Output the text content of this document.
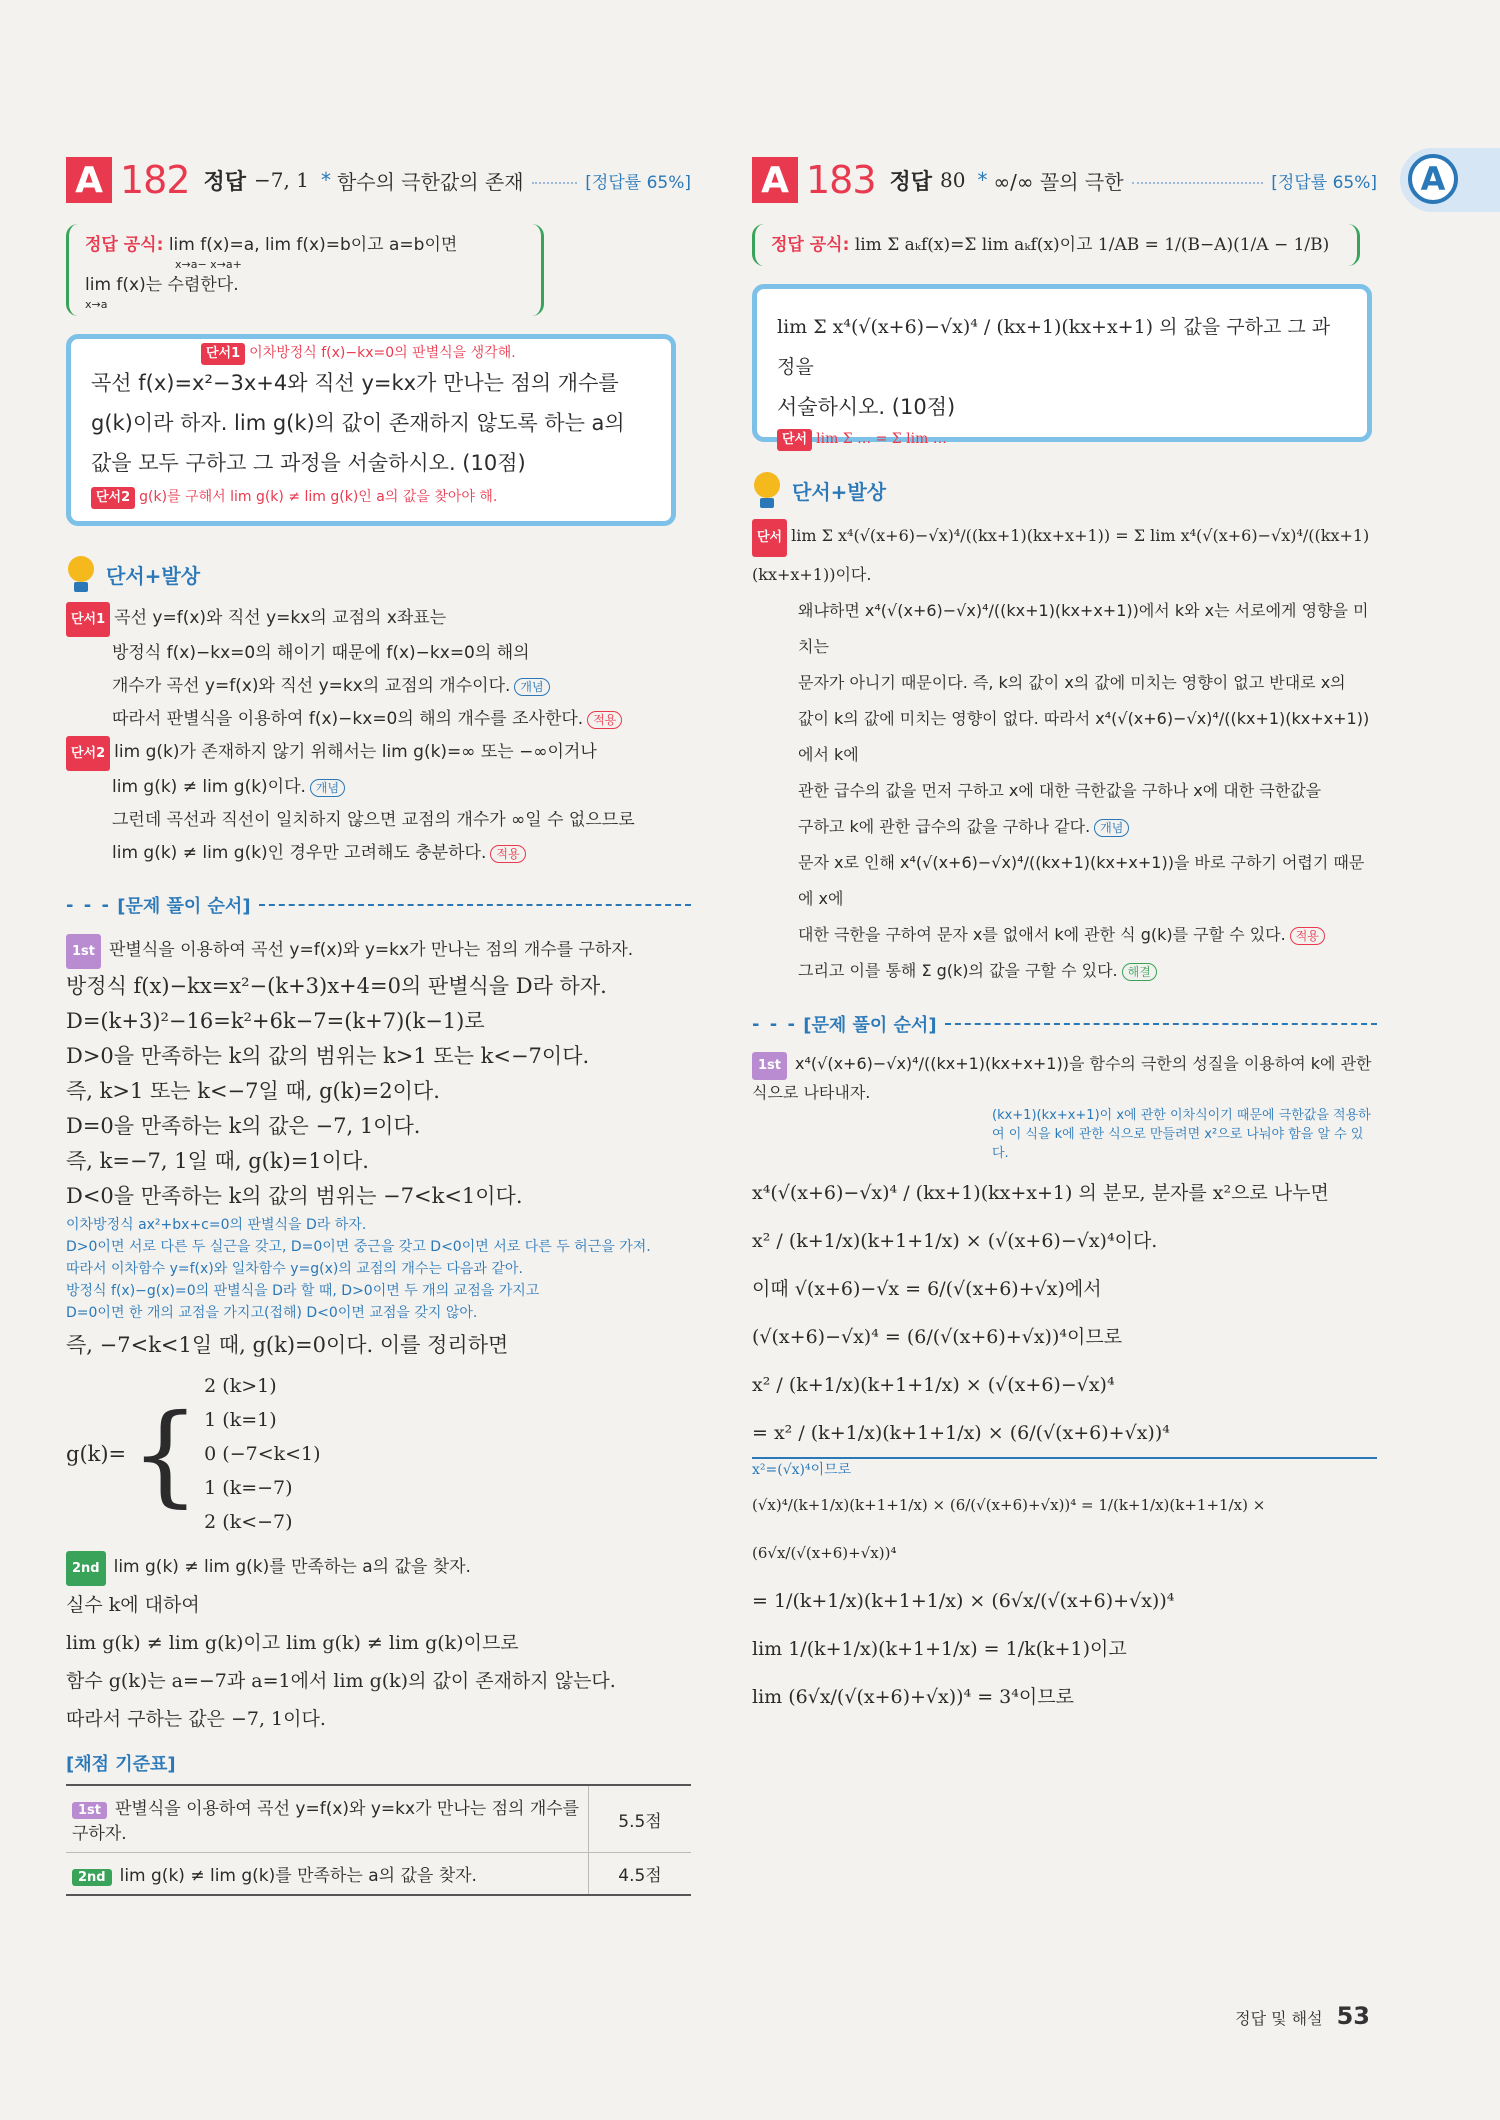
A
A 182 정답 −7, 1 * 함수의 극한값의 존재	[정답률 65%]
정답 공식: lim f(x)=a, lim f(x)=b이고 a=b이면
x→a− x→a+
lim f(x)는 수렴한다.
x→a
단서1 이차방정식 f(x)−kx=0의 판별식을 생각해.
곡선 f(x)=x²−3x+4와 직선 y=kx가 만나는 점의 개수를
g(k)이라 하자. lim g(k)의 값이 존재하지 않도록 하는 a의
값을 모두 구하고 그 과정을 서술하시오. (10점)
단서2 g(k)를 구해서 lim g(k) ≠ lim g(k)인 a의 값을 찾아야 해.
단서+발상

단서1 곡선 y=f(x)와 직선 y=kx의 교점의 x좌표는

방정식 f(x)−kx=0의 해이기 때문에 f(x)−kx=0의 해의

개수가 곡선 y=f(x)와 직선 y=kx의 교점의 개수이다. 개념

따라서 판별식을 이용하여 f(x)−kx=0의 해의 개수를 조사한다. 적용

단서2 lim g(k)가 존재하지 않기 위해서는 lim g(k)=∞ 또는 −∞이거나

lim g(k) ≠ lim g(k)이다. 개념

그런데 곡선과 직선이 일치하지 않으면 교점의 개수가 ∞일 수 없으므로

lim g(k) ≠ lim g(k)인 경우만 고려해도 충분하다. 적용

- - -
[문제 풀이 순서]
1st 판별식을 이용하여 곡선 y=f(x)와 y=kx가 만나는 점의 개수를 구하자.

방정식 f(x)−kx=x²−(k+3)x+4=0의 판별식을 D라 하자.

D=(k+3)²−16=k²+6k−7=(k+7)(k−1)로

D>0을 만족하는 k의 값의 범위는 k>1 또는 k<−7이다.

즉, k>1 또는 k<−7일 때, g(k)=2이다.

D=0을 만족하는 k의 값은 −7, 1이다.

즉, k=−7, 1일 때, g(k)=1이다.

D<0을 만족하는 k의 값의 범위는 −7<k<1이다.

이차방정식 ax²+bx+c=0의 판별식을 D라 하자.
D>0이면 서로 다른 두 실근을 갖고, D=0이면 중근을 갖고 D<0이면 서로 다른 두 허근을 가져.
따라서 이차함수 y=f(x)와 일차함수 y=g(x)의 교점의 개수는 다음과 같아.
방정식 f(x)−g(x)=0의 판별식을 D라 할 때, D>0이면 두 개의 교점을 가지고
D=0이면 한 개의 교점을 가지고(접해) D<0이면 교점을 갖지 않아.
즉, −7<k<1일 때, g(k)=0이다. 이를 정리하면
g(k)= {
2 (k>1)
1 (k=1)
0 (−7<k<1)
1 (k=−7)
2 (k<−7)
2nd lim g(k) ≠ lim g(k)를 만족하는 a의 값을 찾자.

실수 k에 대하여

lim g(k) ≠ lim g(k)이고 lim g(k) ≠ lim g(k)이므로

함수 g(k)는 a=−7과 a=1에서 lim g(k)의 값이 존재하지 않는다.

따라서 구하는 값은 −7, 1이다.

[채점 기준표]
1st 판별식을 이용하여 곡선 y=f(x)와 y=kx가 만나는 점의 개수를 구하자.	5.5점
2nd lim g(k) ≠ lim g(k)를 만족하는 a의 값을 찾자.	4.5점
A 183 정답 80 * ∞/∞ 꼴의 극한	[정답률 65%]
정답 공식: lim Σ aₖf(x)=Σ lim aₖf(x)이고 1/AB = 1/(B−A)(1/A − 1/B)
lim Σ x⁴(√(x+6)−√x)⁴ / (kx+1)(kx+x+1) 의 값을 구하고 그 과정을
서술하시오. (10점)
단서 lim Σ … = Σ lim …
단서+발상

단서 lim Σ x⁴(√(x+6)−√x)⁴/((kx+1)(kx+x+1)) = Σ lim x⁴(√(x+6)−√x)⁴/((kx+1)(kx+x+1))이다.

왜냐하면 x⁴(√(x+6)−√x)⁴/((kx+1)(kx+x+1))에서 k와 x는 서로에게 영향을 미치는

문자가 아니기 때문이다. 즉, k의 값이 x의 값에 미치는 영향이 없고 반대로 x의

값이 k의 값에 미치는 영향이 없다. 따라서 x⁴(√(x+6)−√x)⁴/((kx+1)(kx+x+1))에서 k에

관한 급수의 값을 먼저 구하고 x에 대한 극한값을 구하나 x에 대한 극한값을

구하고 k에 관한 급수의 값을 구하나 같다. 개념

문자 x로 인해 x⁴(√(x+6)−√x)⁴/((kx+1)(kx+x+1))을 바로 구하기 어렵기 때문에 x에

대한 극한을 구하여 문자 x를 없애서 k에 관한 식 g(k)를 구할 수 있다. 적용

그리고 이를 통해 Σ g(k)의 값을 구할 수 있다. 해결

- - -
[문제 풀이 순서]
1st x⁴(√(x+6)−√x)⁴/((kx+1)(kx+x+1))을 함수의 극한의 성질을 이용하여 k에 관한 식으로 나타내자.
(kx+1)(kx+x+1)이 x에 관한 이차식이기 때문에 극한값을 적용하여 이 식을 k에 관한 식으로 만들려면 x²으로 나눠야 함을 알 수 있다.

x⁴(√(x+6)−√x)⁴ / (kx+1)(kx+x+1) 의 분모, 분자를 x²으로 나누면

x² / (k+1/x)(k+1+1/x) × (√(x+6)−√x)⁴이다.

이때 √(x+6)−√x = 6/(√(x+6)+√x)에서

(√(x+6)−√x)⁴ = (6/(√(x+6)+√x))⁴이므로

x² / (k+1/x)(k+1+1/x) × (√(x+6)−√x)⁴

= x² / (k+1/x)(k+1+1/x) × (6/(√(x+6)+√x))⁴

x²=(√x)⁴이므로

(√x)⁴/(k+1/x)(k+1+1/x) × (6/(√(x+6)+√x))⁴ = 1/(k+1/x)(k+1+1/x) × (6√x/(√(x+6)+√x))⁴

= 1/(k+1/x)(k+1+1/x) × (6√x/(√(x+6)+√x))⁴

lim 1/(k+1/x)(k+1+1/x) = 1/k(k+1)이고

lim (6√x/(√(x+6)+√x))⁴ = 3⁴이므로

정답 및 해설 53
